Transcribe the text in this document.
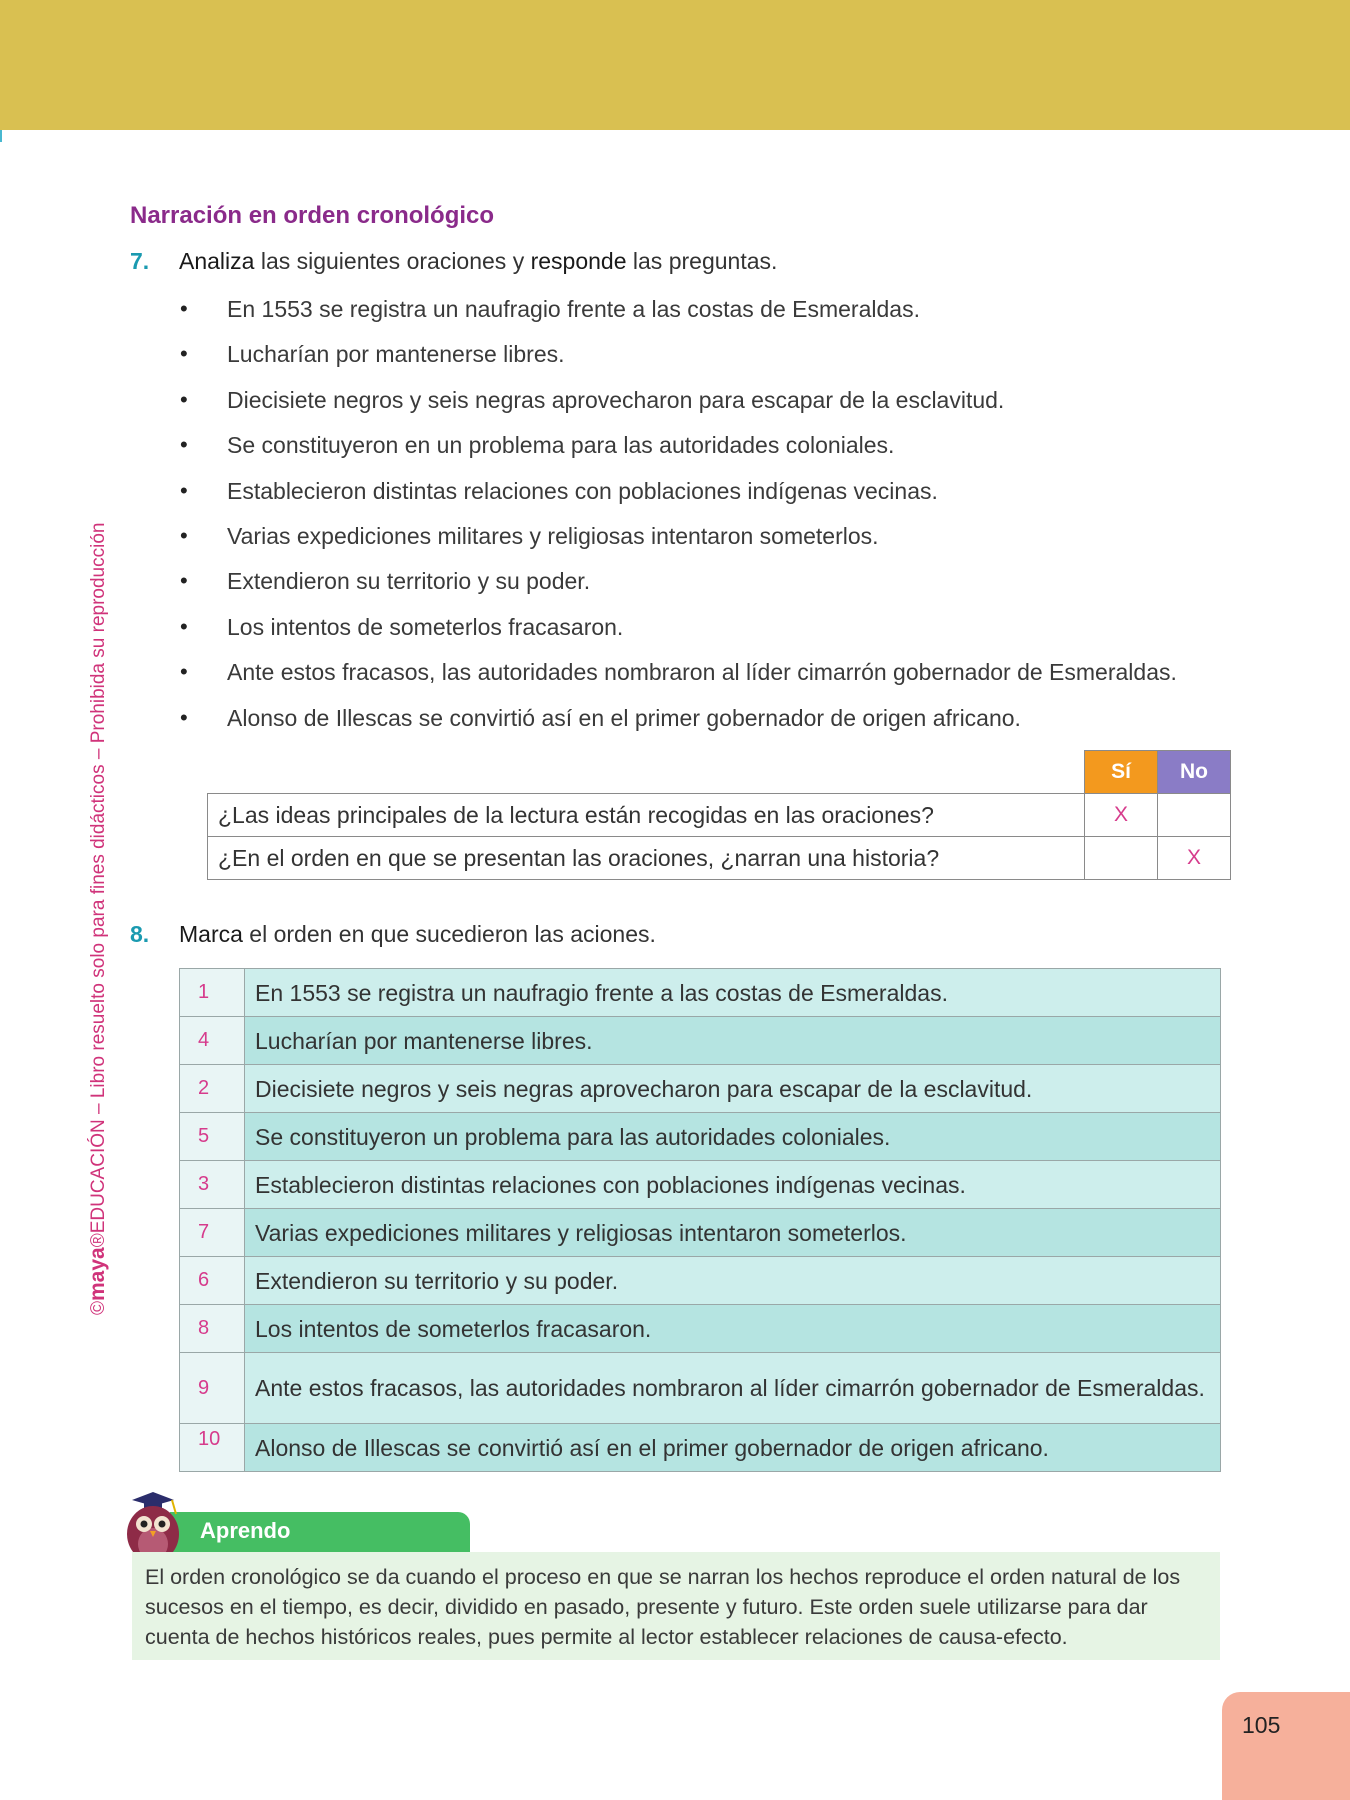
©maya®EDUCACIÓN – Libro resuelto solo para fines didácticos – Prohibida su reproducción
Narración en orden cronológico
7. Analiza las siguientes oraciones y responde las preguntas.
• En 1553 se registra un naufragio frente a las costas de Esmeraldas.
• Lucharían por mantenerse libres.
• Diecisiete negros y seis negras aprovecharon para escapar de la esclavitud.
• Se constituyeron en un problema para las autoridades coloniales.
• Establecieron distintas relaciones con poblaciones indígenas vecinas.
• Varias expediciones militares y religiosas intentaron someterlos.
• Extendieron su territorio y su poder.
• Los intentos de someterlos fracasaron.
• Ante estos fracasos, las autoridades nombraron al líder cimarrón gobernador de Esmeraldas.
• Alonso de Illescas se convirtió así en el primer gobernador de origen africano.
	Sí	No
¿Las ideas principales de la lectura están recogidas en las oraciones?	X	
¿En el orden en que se presentan las oraciones, ¿narran una historia?		X
8. Marca el orden en que sucedieron las aciones.
1	En 1553 se registra un naufragio frente a las costas de Esmeraldas.
4	Lucharían por mantenerse libres.
2	Diecisiete negros y seis negras aprovecharon para escapar de la esclavitud.
5	Se constituyeron un problema para las autoridades coloniales.
3	Establecieron distintas relaciones con poblaciones indígenas vecinas.
7	Varias expediciones militares y religiosas intentaron someterlos.
6	Extendieron su territorio y su poder.
8	Los intentos de someterlos fracasaron.
9	Ante estos fracasos, las autoridades nombraron al líder cimarrón gobernador de Esmeraldas.
10	Alonso de Illescas se convirtió así en el primer gobernador de origen africano.
Aprendo
El orden cronológico se da cuando el proceso en que se narran los hechos reproduce el orden natural de los sucesos en el tiempo, es decir, dividido en pasado, presente y futuro. Este orden suele utilizarse para dar cuenta de hechos históricos reales, pues permite al lector establecer relaciones de causa-efecto.
105
